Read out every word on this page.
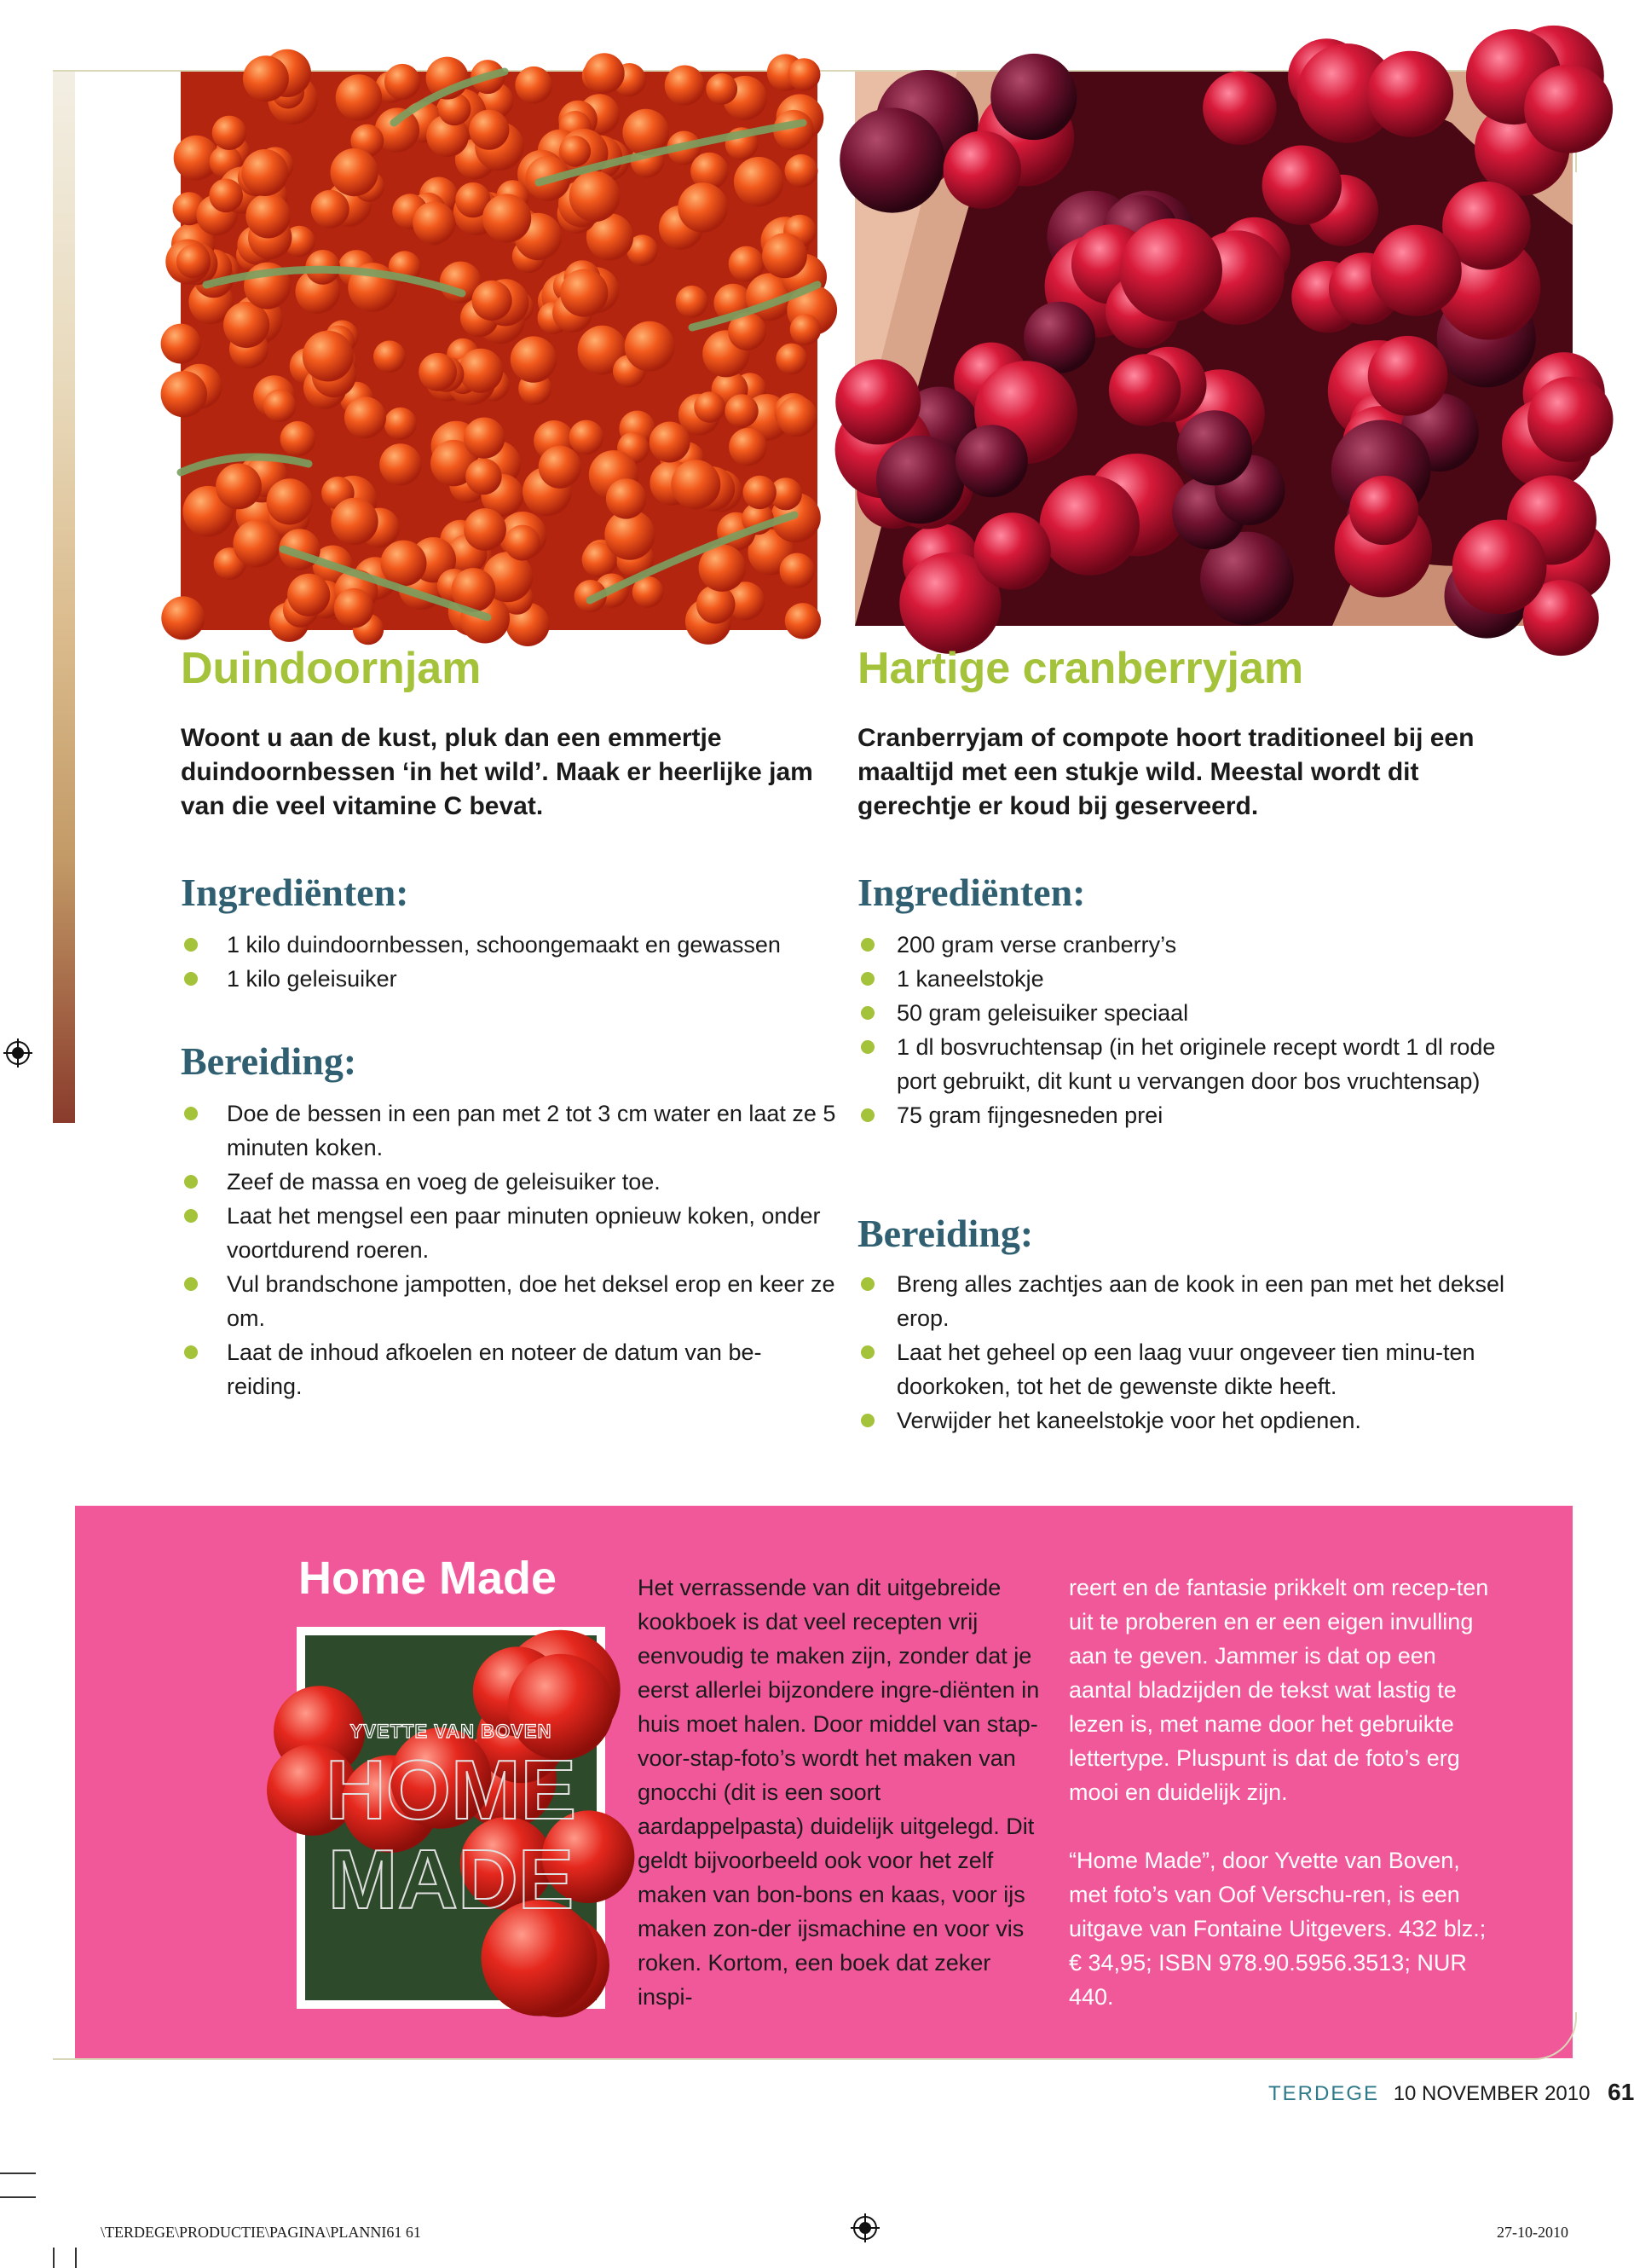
Duindoornjam

Woont u aan de kust, pluk dan een emmertje duindoornbessen ‘in het wild’. Maak er heerlijke jam van die veel vitamine C bevat.

Ingrediënten:
1 kilo duindoornbessen, schoongemaakt en gewassen
1 kilo geleisuiker
Bereiding:
Doe de bessen in een pan met 2 tot 3 cm water en laat ze 5 minuten koken.
Zeef de massa en voeg de geleisuiker toe.
Laat het mengsel een paar minuten opnieuw koken, onder voortdurend roeren.
Vul brandschone jampotten, doe het deksel erop en keer ze om.
Laat de inhoud afkoelen en noteer de datum van be-reiding.
Hartige cranberryjam

Cranberryjam of compote hoort traditioneel bij een maaltijd met een stukje wild. Meestal wordt dit gerechtje er koud bij geserveerd.

Ingrediënten:
200 gram verse cranberry’s
1 kaneelstokje
50 gram geleisuiker speciaal
1 dl bosvruchtensap (in het originele recept wordt 1 dl rode port gebruikt, dit kunt u vervangen door bos vruchtensap)
75 gram fijngesneden prei
Bereiding:
Breng alles zachtjes aan de kook in een pan met het deksel erop.
Laat het geheel op een laag vuur ongeveer tien minu-ten doorkoken, tot het de gewenste dikte heeft.
Verwijder het kaneelstokje voor het opdienen.
Home Made
YVETTE VAN BOVEN
HOME
MADE

Het verrassende van dit uitgebreide kookboek is dat veel recepten vrij eenvoudig te maken zijn, zonder dat je eerst allerlei bijzondere ingre-diënten in huis moet halen. Door middel van stap-voor-stap-foto’s wordt het maken van gnocchi (dit is een soort aardappelpasta) duidelijk uitgelegd. Dit geldt bijvoorbeeld ook voor het zelf maken van bon-bons en kaas, voor ijs maken zon-der ijsmachine en voor vis roken. Kortom, een boek dat zeker inspi-

reert en de fantasie prikkelt om recep-ten uit te proberen en er een eigen invulling aan te geven. Jammer is dat op een aantal bladzijden de tekst wat lastig te lezen is, met name door het gebruikte lettertype. Pluspunt is dat de foto’s erg mooi en duidelijk zijn.

“Home Made”, door Yvette van Boven, met foto’s van Oof Verschu-ren, is een uitgave van Fontaine Uitgevers. 432 blz.; € 34,95; ISBN 978.90.5956.3513; NUR 440.

TERDEGE 10 NOVEMBER 2010 61
\TERDEGE\PRODUCTIE\PAGINA\PLANNI61 61	27-10-2010
